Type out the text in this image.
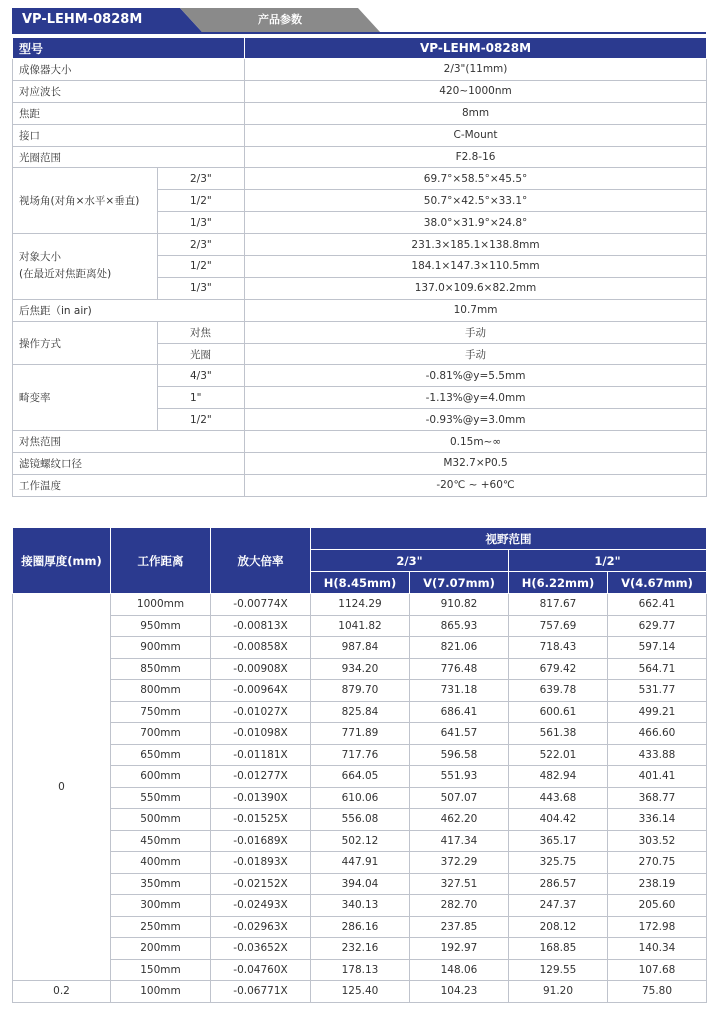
VP-LEHM-0828M	产品参数
型号		VP-LEHM-0828M
成像器大小		2/3"(11mm)
对应波长		420~1000nm
焦距		8mm
接口		C-Mount
光圈范围		F2.8-16
视场角(对角×水平×垂直)	2/3"	69.7°×58.5°×45.5°
	1/2"	50.7°×42.5°×33.1°
	1/3"	38.0°×31.9°×24.8°
对象大小
(在最近对焦距离处)	2/3"	231.3×185.1×138.8mm
	1/2"	184.1×147.3×110.5mm
	1/3"	137.0×109.6×82.2mm
后焦距（in air)		10.7mm
操作方式	对焦	手动
	光圈	手动
畸变率	4/3"	-0.81%@y=5.5mm
	1"	-1.13%@y=4.0mm
	1/2"	-0.93%@y=3.0mm
对焦范围		0.15m~∞
滤镜螺纹口径		M32.7×P0.5
工作温度		-20℃ ~ +60℃
接圈厚度(mm)	工作距离	放大倍率	视野范围			
			2/3"		1/2"	
			H(8.45mm)	V(7.07mm)	H(6.22mm)	V(4.67mm)
0	1000mm	-0.00774X	1124.29	910.82	817.67	662.41
	950mm	-0.00813X	1041.82	865.93	757.69	629.77
	900mm	-0.00858X	987.84	821.06	718.43	597.14
	850mm	-0.00908X	934.20	776.48	679.42	564.71
	800mm	-0.00964X	879.70	731.18	639.78	531.77
	750mm	-0.01027X	825.84	686.41	600.61	499.21
	700mm	-0.01098X	771.89	641.57	561.38	466.60
	650mm	-0.01181X	717.76	596.58	522.01	433.88
	600mm	-0.01277X	664.05	551.93	482.94	401.41
	550mm	-0.01390X	610.06	507.07	443.68	368.77
	500mm	-0.01525X	556.08	462.20	404.42	336.14
	450mm	-0.01689X	502.12	417.34	365.17	303.52
	400mm	-0.01893X	447.91	372.29	325.75	270.75
	350mm	-0.02152X	394.04	327.51	286.57	238.19
	300mm	-0.02493X	340.13	282.70	247.37	205.60
	250mm	-0.02963X	286.16	237.85	208.12	172.98
	200mm	-0.03652X	232.16	192.97	168.85	140.34
	150mm	-0.04760X	178.13	148.06	129.55	107.68
0.2	100mm	-0.06771X	125.40	104.23	91.20	75.80
